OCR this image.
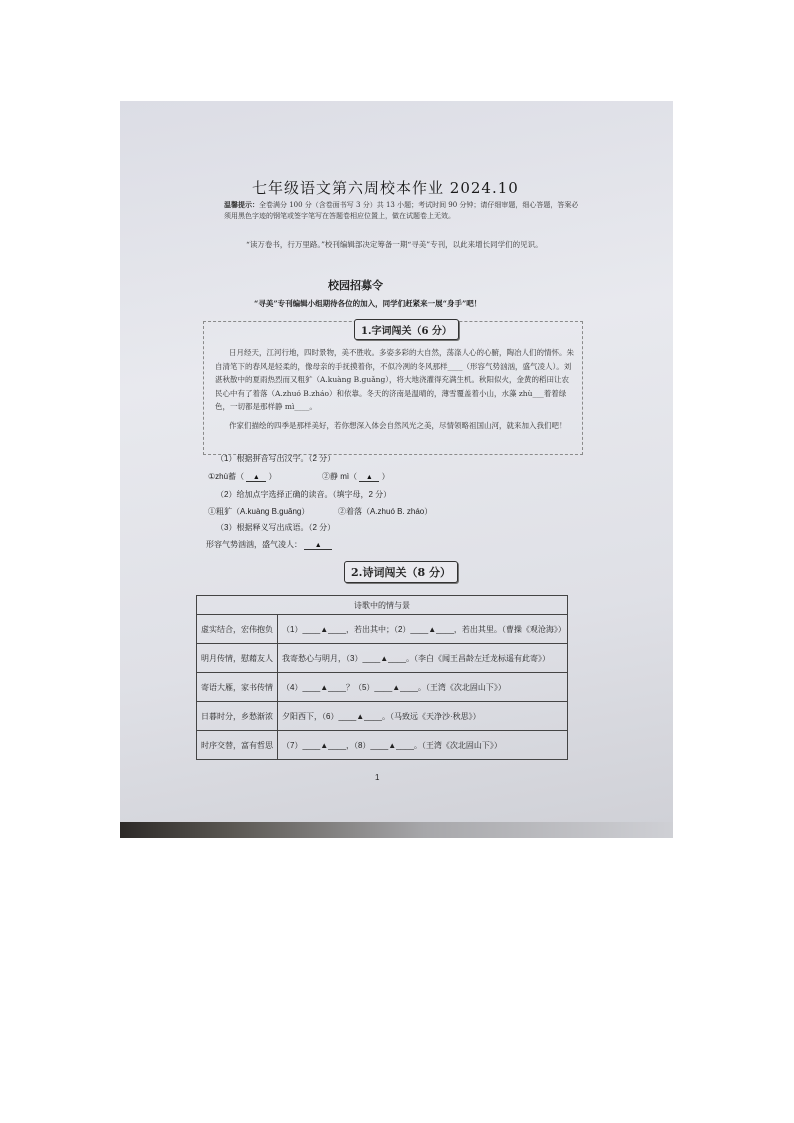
七年级语文第六周校本作业 2024.10
温馨提示：全卷满分 100 分（含卷面书写 3 分）共 13 小题；考试时间 90 分钟；请仔细审题，细心答题，答案必须用黑色字迹的钢笔或签字笔写在答题卷相应位置上，做在试题卷上无效。
“读万卷书，行万里路。”校刊编辑部决定筹备一期“寻美”专刊，以此来增长同学们的见识。
校园招募令
“寻美”专刊编辑小组期待各位的加入，同学们赶紧来一展“身手”吧！
1.字词闯关（6 分）
日月经天，江河行地，四时景物，美不胜收。多姿多彩的大自然，荡涤人心的心腑，陶冶人们的情怀。朱自清笔下的春风是轻柔的，像母亲的手抚摸着你，不似冷冽的冬风那样____（形容气势汹汹，盛气凌人）。刘湛秋散中的夏雨热烈而又粗犷（A.kuàng B.guǎng），将大地浇灌得充满生机。秋阳似火，金黄的稻田让农民心中有了着落（A.zhuó B.zháo）和依靠。冬天的济南是温晴的，薄雪覆盖着小山，水藻 zhù___着着绿色，一切都是那样静 mì____。
作家们描绘的四季是那样美好，若你想深入体会自然风光之美，尽情领略祖国山河，就来加入我们吧！
（1）根据拼音写出汉字。（2 分）
①zhù蓄（ ▲ ）	②静 mì（ ▲ ）
（2）给加点字选择正确的读音。（填字母，2 分）
①粗犷（A.kuàng B.guǎng）	②着落（A.zhuó B. zháo）
（3）根据释义写出成语。（2 分）
形容气势汹汹，盛气凌人： ▲
2.诗词闯关（8 分）
诗歌中的情与景	
虚实结合，宏伟抱负	（1）____▲____，若出其中；（2）____▲____，若出其里。（曹操《观沧海》）
明月传情，慰藉友人	我寄愁心与明月，（3）____▲____。（李白《闻王昌龄左迁龙标遥有此寄》）
寄语大雁，家书传情	（4）____▲____？（5）____▲____。（王湾《次北固山下》）
日暮时分，乡愁渐浓	夕阳西下，（6）____▲____。（马致远《天净沙·秋思》）
时序交替，富有哲思	（7）____▲____，（8）____▲____。（王湾《次北固山下》）
1
